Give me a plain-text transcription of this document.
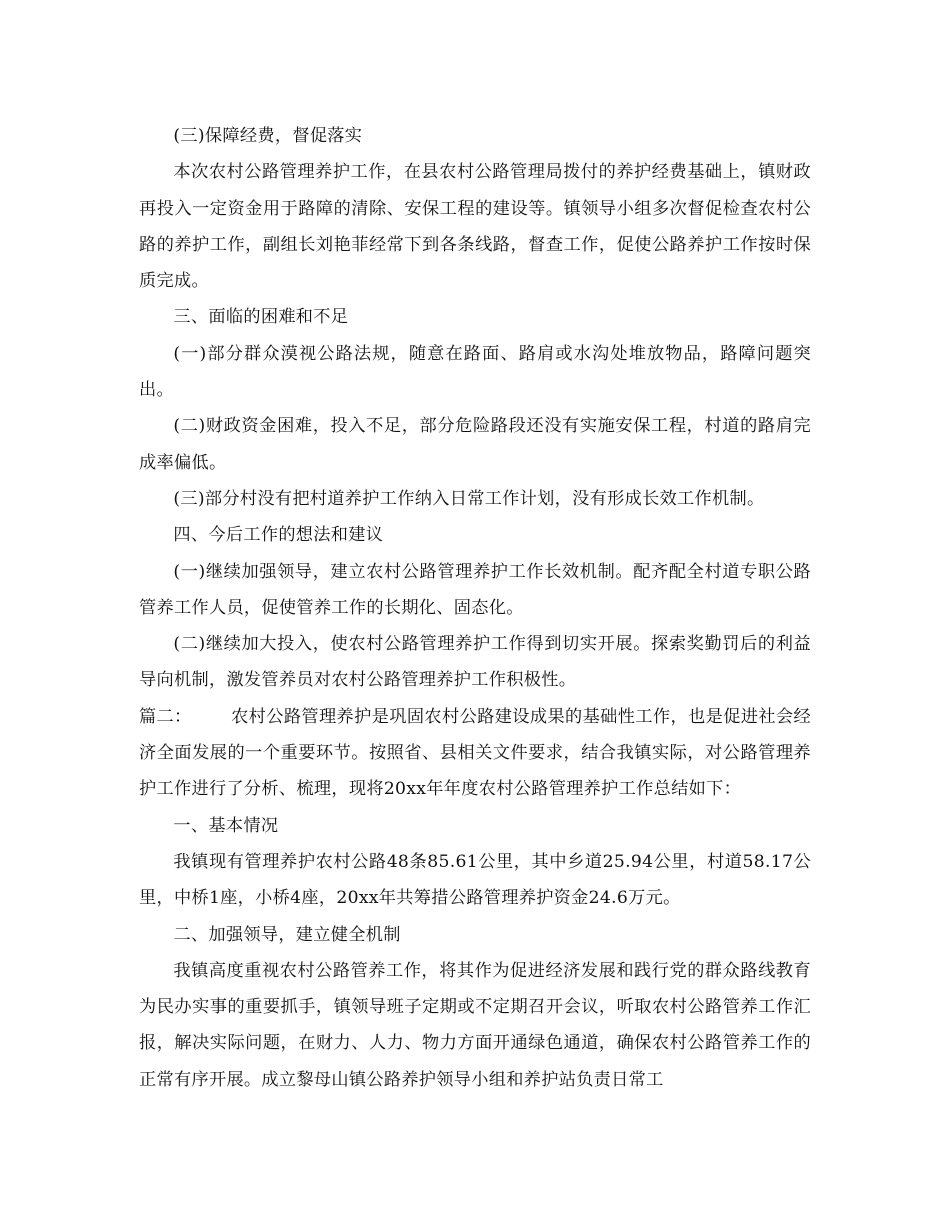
(三)保障经费，督促落实

本次农村公路管理养护工作，在县农村公路管理局拨付的养护经费基础上，镇财政再投入一定资金用于路障的清除、安保工程的建设等。镇领导小组多次督促检查农村公路的养护工作，副组长刘艳菲经常下到各条线路，督查工作，促使公路养护工作按时保质完成。

三、面临的困难和不足

(一)部分群众漠视公路法规，随意在路面、路肩或水沟处堆放物品，路障问题突出。

(二)财政资金困难，投入不足，部分危险路段还没有实施安保工程，村道的路肩完成率偏低。

(三)部分村没有把村道养护工作纳入日常工作计划，没有形成长效工作机制。

四、今后工作的想法和建议

(一)继续加强领导，建立农村公路管理养护工作长效机制。配齐配全村道专职公路管养工作人员，促使管养工作的长期化、固态化。

(二)继续加大投入，使农村公路管理养护工作得到切实开展。探索奖勤罚后的利益导向机制，激发管养员对农村公路管理养护工作积极性。

篇二： 农村公路管理养护是巩固农村公路建设成果的基础性工作，也是促进社会经济全面发展的一个重要环节。按照省、县相关文件要求，结合我镇实际，对公路管理养护工作进行了分析、梳理，现将20xx年年度农村公路管理养护工作总结如下：

一、基本情况

我镇现有管理养护农村公路48条85.61公里，其中乡道25.94公里，村道58.17公里，中桥1座，小桥4座，20xx年共筹措公路管理养护资金24.6万元。

二、加强领导，建立健全机制

我镇高度重视农村公路管养工作，将其作为促进经济发展和践行党的群众路线教育为民办实事的重要抓手，镇领导班子定期或不定期召开会议，听取农村公路管养工作汇报，解决实际问题，在财力、人力、物力方面开通绿色通道，确保农村公路管养工作的正常有序开展。成立黎母山镇公路养护领导小组和养护站负责日常工
